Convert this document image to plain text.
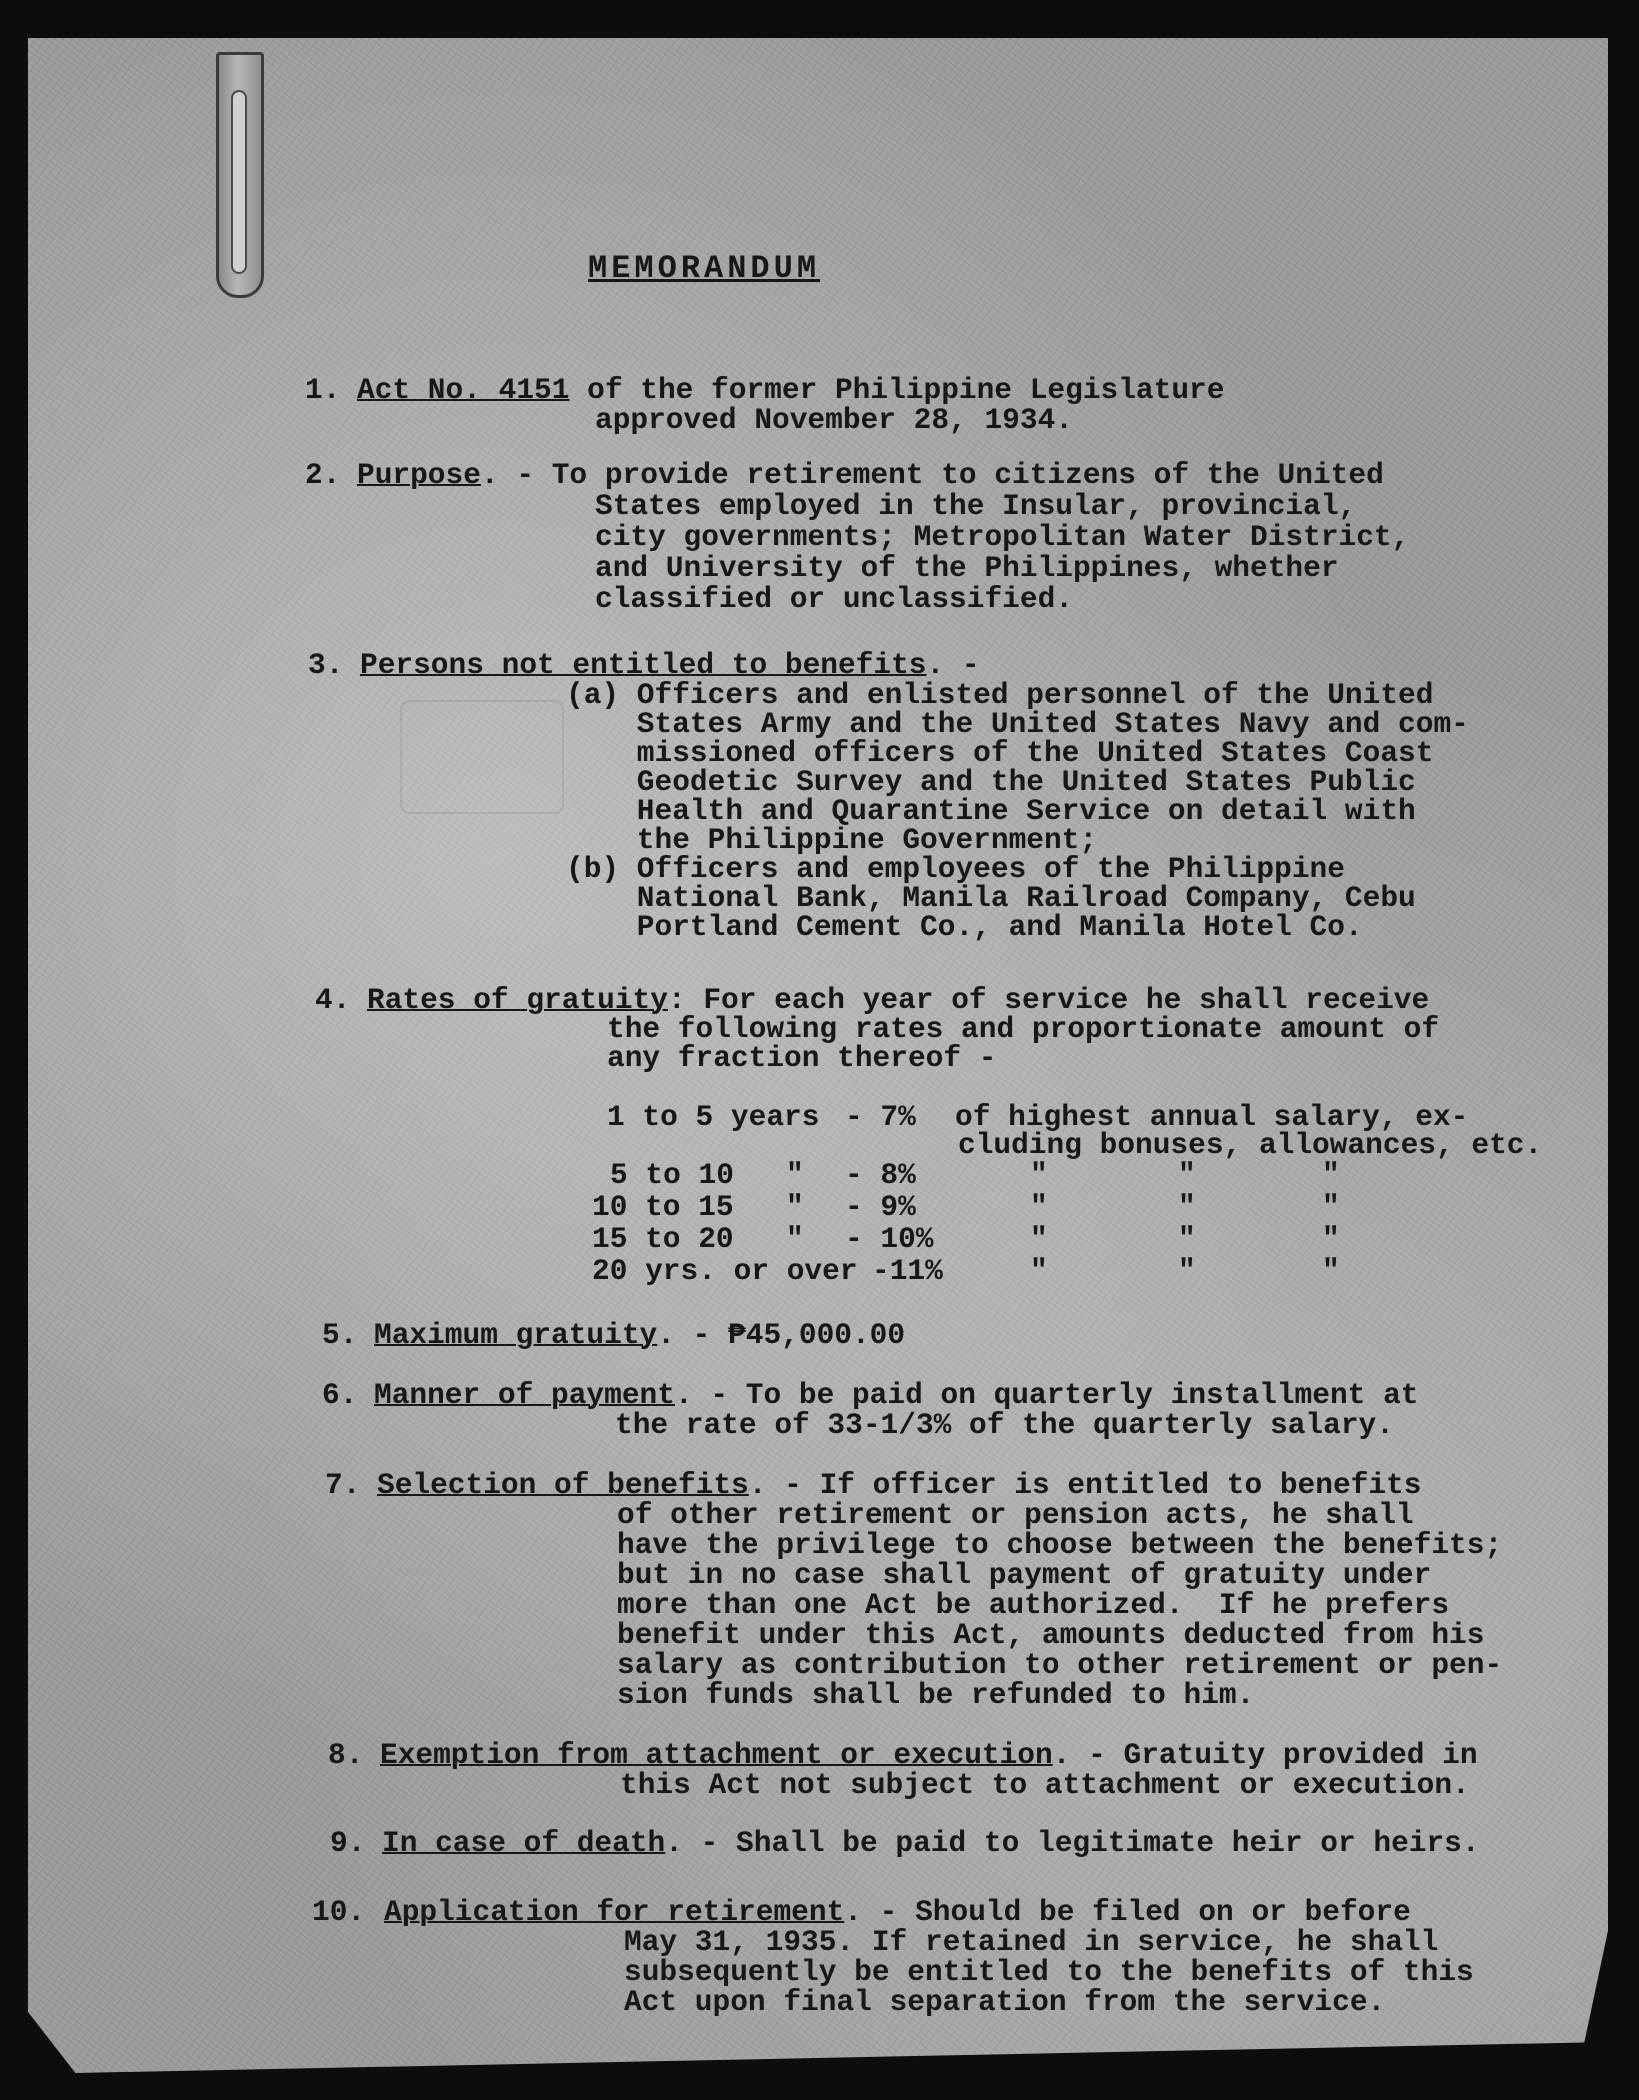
MEMORANDUM

1.

Act No. 4151 of the former Philippine Legislature

approved November 28, 1934.

2.

Purpose. - To provide retirement to citizens of the United

States employed in the Insular, provincial,

city governments; Metropolitan Water District,

and University of the Philippines, whether

classified or unclassified.

3.

Persons not entitled to benefits. -

(a) Officers and enlisted personnel of the United

States Army and the United States Navy and com-

missioned officers of the United States Coast

Geodetic Survey and the United States Public

Health and Quarantine Service on detail with

the Philippine Government;

(b) Officers and employees of the Philippine

National Bank, Manila Railroad Company, Cebu

Portland Cement Co., and Manila Hotel Co.

4.

Rates of gratuity: For each year of service he shall receive

the following rates and proportionate amount of

any fraction thereof -

1 to 5 years - 7% of highest annual salary, ex-
cluding bonuses, allowances, etc.
5 to 10 " - 8%	"	"	"
10 to 15 " - 9%	"	"	"
15 to 20 " - 10%	"	"	"
20 yrs. or over -11%	"	"	"

5.

Maximum gratuity. - ₱45,000.00

6.

Manner of payment. - To be paid on quarterly installment at

the rate of 33-1/3% of the quarterly salary.

7.

Selection of benefits. - If officer is entitled to benefits

of other retirement or pension acts, he shall

have the privilege to choose between the benefits;

but in no case shall payment of gratuity under

more than one Act be authorized.  If he prefers

benefit under this Act, amounts deducted from his

salary as contribution to other retirement or pen-

sion funds shall be refunded to him.

8.

Exemption from attachment or execution. - Gratuity provided in

this Act not subject to attachment or execution.

9.

In case of death. - Shall be paid to legitimate heir or heirs.

10.

Application for retirement. - Should be filed on or before

May 31, 1935. If retained in service, he shall

subsequently be entitled to the benefits of this

Act upon final separation from the service.
